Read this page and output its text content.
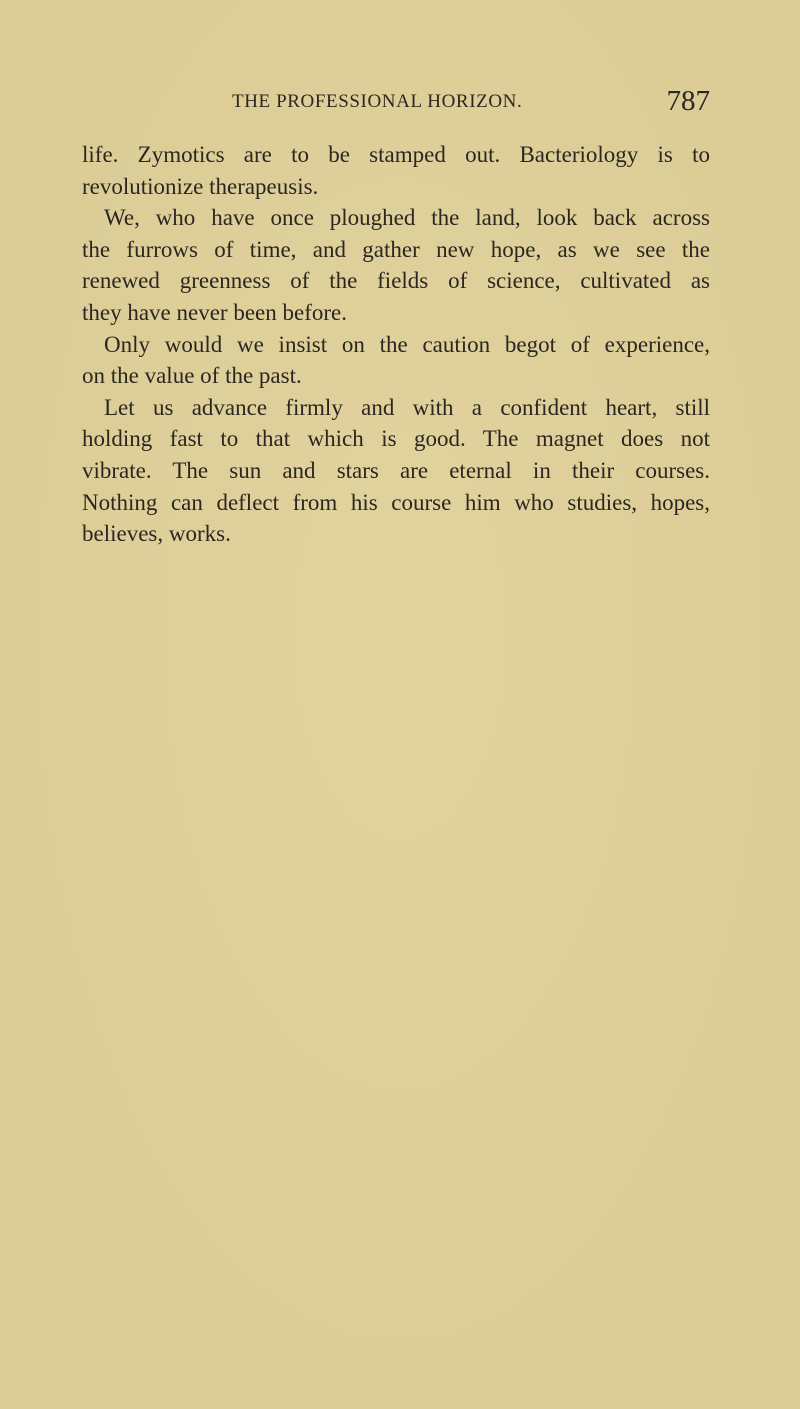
THE PROFESSIONAL HORIZON.	787
life. Zymotics are to be stamped out. Bacteriology is to
revolutionize therapeusis.
We, who have once ploughed the land, look back across
the furrows of time, and gather new hope, as we see the
renewed greenness of the fields of science, cultivated as
they have never been before.
Only would we insist on the caution begot of experience,
on the value of the past.
Let us advance firmly and with a confident heart, still
holding fast to that which is good. The magnet does not
vibrate. The sun and stars are eternal in their courses.
Nothing can deflect from his course him who studies, hopes,
believes, works.
